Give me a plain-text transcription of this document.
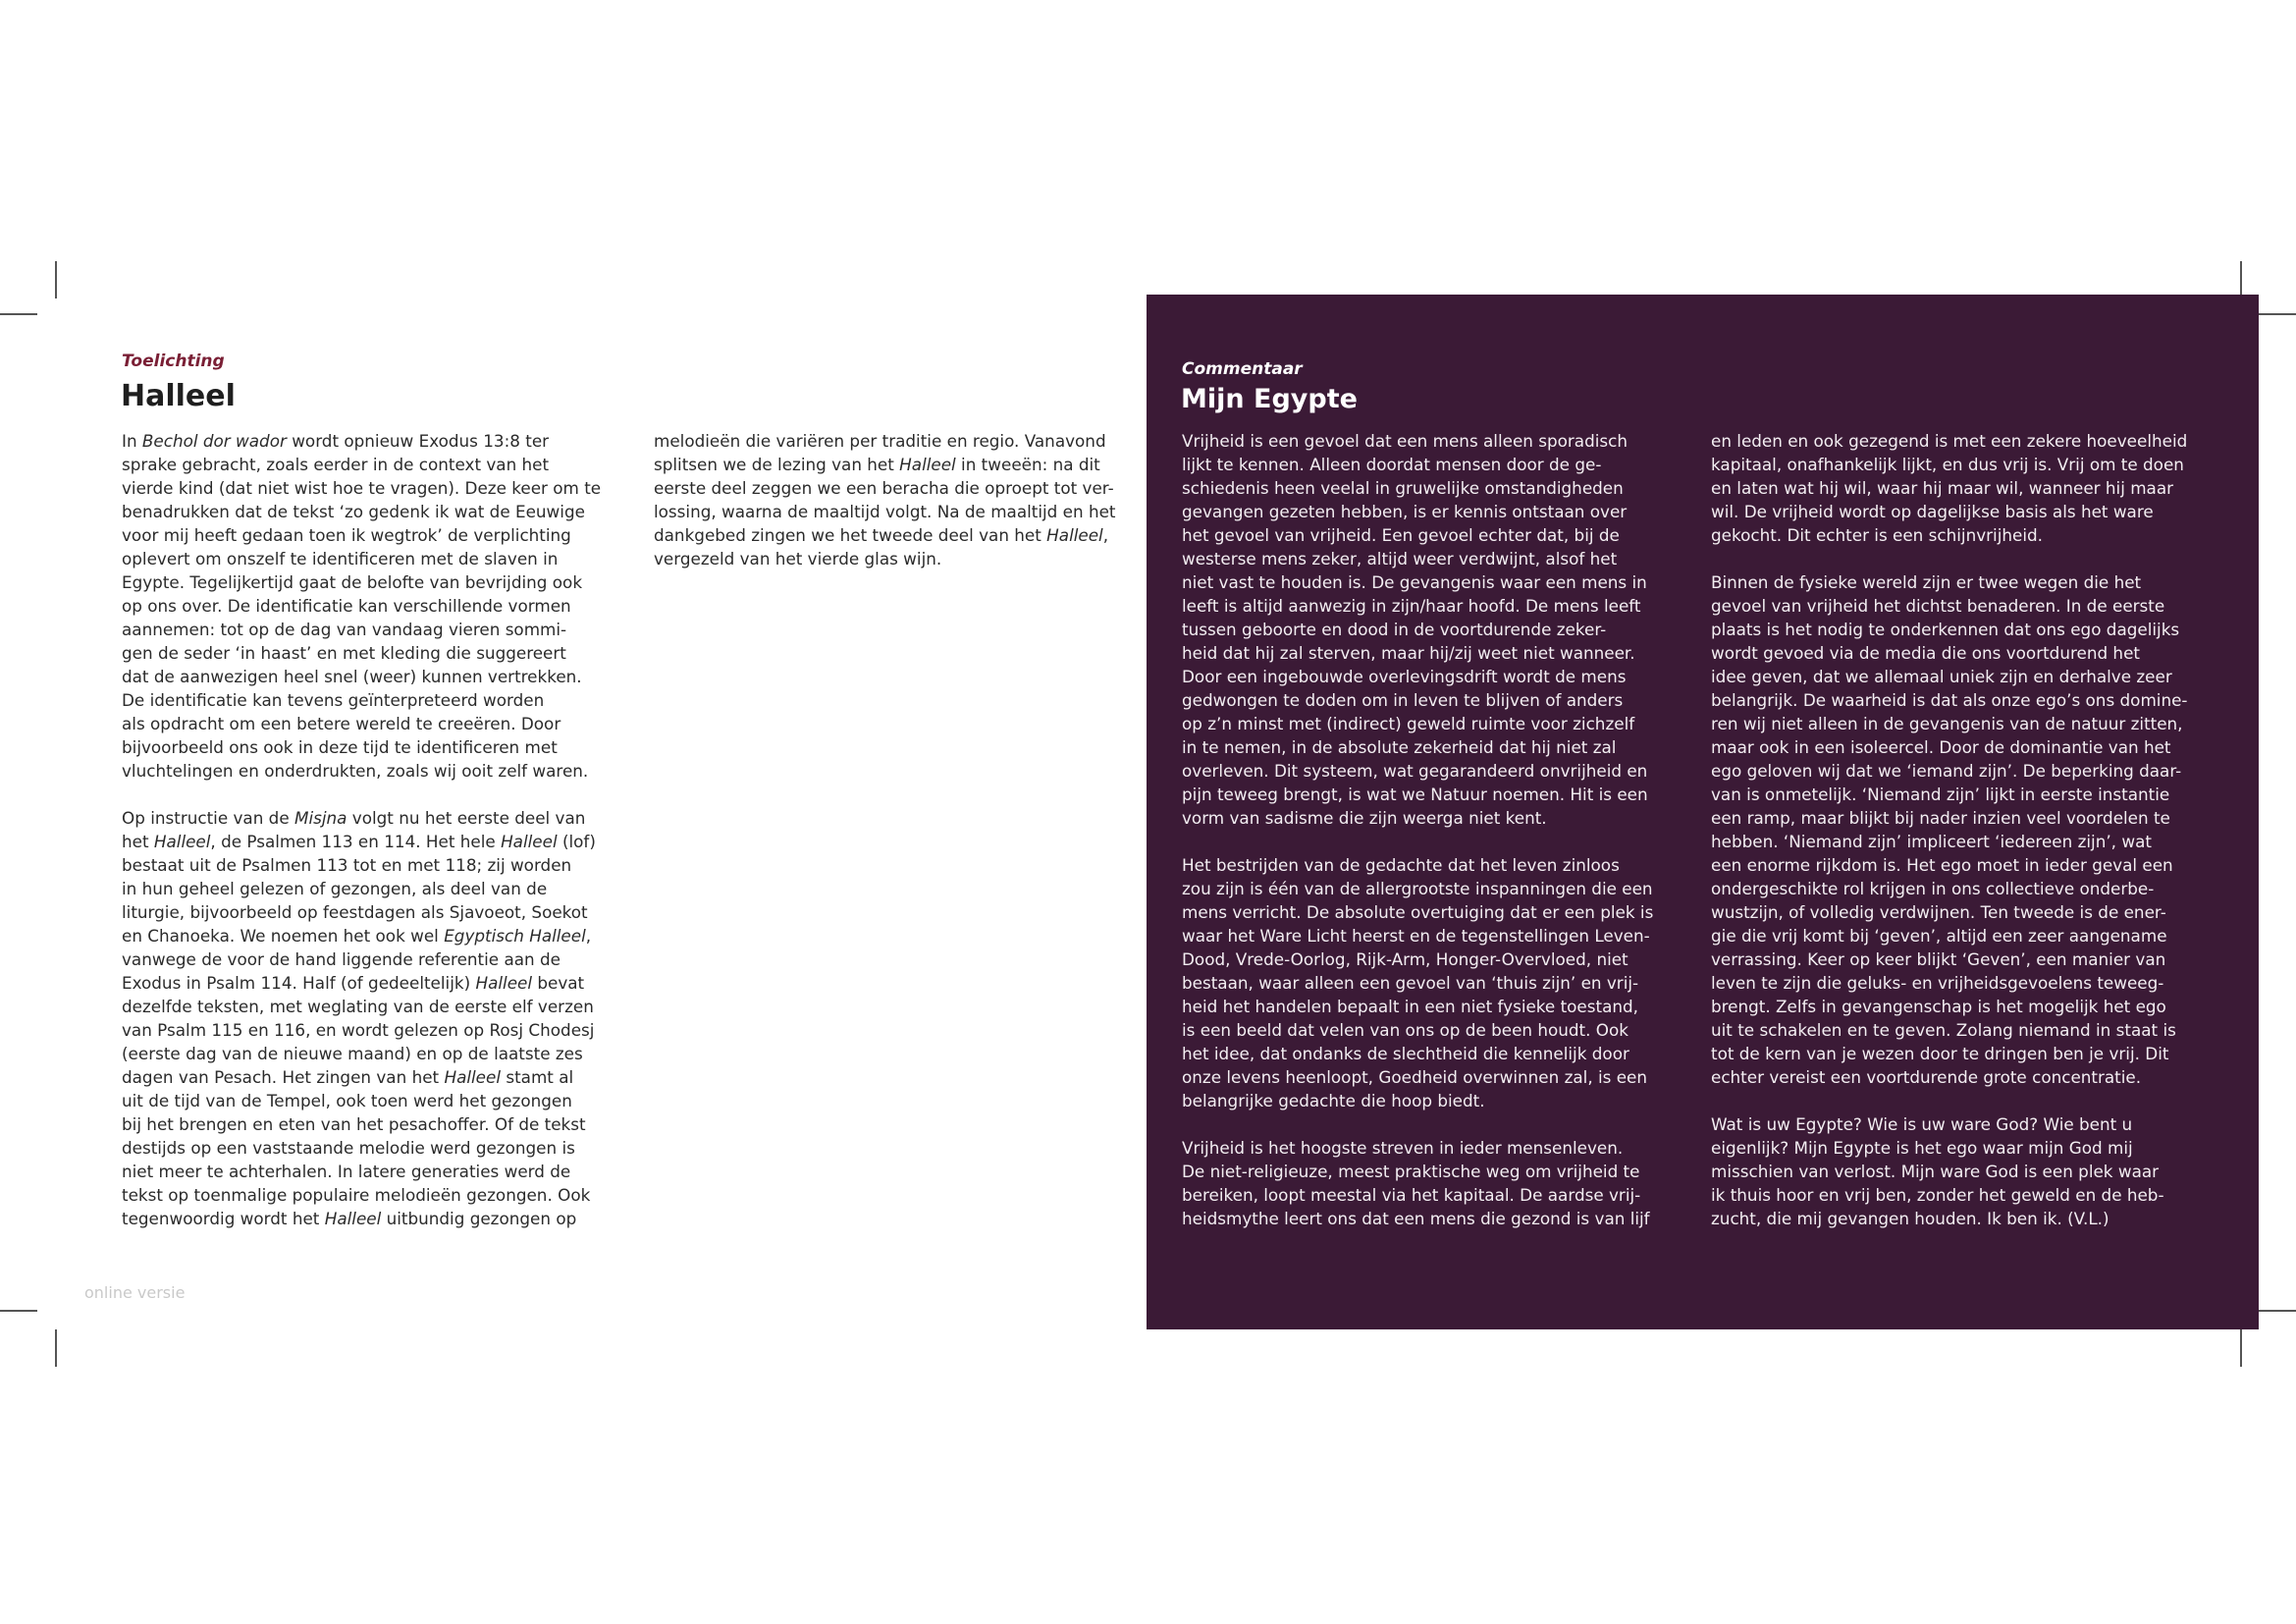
Toelichting
Halleel

In Bechol dor wador wordt opnieuw Exodus 13:8 ter
sprake gebracht, zoals eerder in de context van het
vierde kind (dat niet wist hoe te vragen). Deze keer om te
benadrukken dat de tekst ‘zo gedenk ik wat de Eeuwige
voor mij heeft gedaan toen ik wegtrok’ de verplichting
oplevert om onszelf te identificeren met de slaven in
Egypte. Tegelijkertijd gaat de belofte van bevrijding ook
op ons over. De identificatie kan verschillende vormen
aannemen: tot op de dag van vandaag vieren sommi-
gen de seder ‘in haast’ en met kleding die suggereert
dat de aanwezigen heel snel (weer) kunnen vertrekken.
De identificatie kan tevens geïnterpreteerd worden
als opdracht om een betere wereld te creeëren. Door
bijvoorbeeld ons ook in deze tijd te identificeren met
vluchtelingen en onderdrukten, zoals wij ooit zelf waren.

Op instructie van de Misjna volgt nu het eerste deel van
het Halleel, de Psalmen 113 en 114. Het hele Halleel (lof)
bestaat uit de Psalmen 113 tot en met 118; zij worden
in hun geheel gelezen of gezongen, als deel van de
liturgie, bijvoorbeeld op feestdagen als Sjavoeot, Soekot
en Chanoeka. We noemen het ook wel Egyptisch Halleel,
vanwege de voor de hand liggende referentie aan de
Exodus in Psalm 114. Half (of gedeeltelijk) Halleel bevat
dezelfde teksten, met weglating van de eerste elf verzen
van Psalm 115 en 116, en wordt gelezen op Rosj Chodesj
(eerste dag van de nieuwe maand) en op de laatste zes
dagen van Pesach. Het zingen van het Halleel stamt al
uit de tijd van de Tempel, ook toen werd het gezongen
bij het brengen en eten van het pesachoffer. Of de tekst
destijds op een vaststaande melodie werd gezongen is
niet meer te achterhalen. In latere generaties werd de
tekst op toenmalige populaire melodieën gezongen. Ook
tegenwoordig wordt het Halleel uitbundig gezongen op

melodieën die variëren per traditie en regio. Vanavond
splitsen we de lezing van het Halleel in tweeën: na dit
eerste deel zeggen we een beracha die oproept tot ver-
lossing, waarna de maaltijd volgt. Na de maaltijd en het
dankgebed zingen we het tweede deel van het Halleel,
vergezeld van het vierde glas wijn.

Commentaar
Mijn Egypte

Vrijheid is een gevoel dat een mens alleen sporadisch
lijkt te kennen. Alleen doordat mensen door de ge-
schiedenis heen veelal in gruwelijke omstandigheden
gevangen gezeten hebben, is er kennis ontstaan over
het gevoel van vrijheid. Een gevoel echter dat, bij de
westerse mens zeker, altijd weer verdwijnt, alsof het
niet vast te houden is. De gevangenis waar een mens in
leeft is altijd aanwezig in zijn/haar hoofd. De mens leeft
tussen geboorte en dood in de voortdurende zeker-
heid dat hij zal sterven, maar hij/zij weet niet wanneer.
Door een ingebouwde overlevingsdrift wordt de mens
gedwongen te doden om in leven te blijven of anders
op z’n minst met (indirect) geweld ruimte voor zichzelf
in te nemen, in de absolute zekerheid dat hij niet zal
overleven. Dit systeem, wat gegarandeerd onvrijheid en
pijn teweeg brengt, is wat we Natuur noemen. Hit is een
vorm van sadisme die zijn weerga niet kent.

Het bestrijden van de gedachte dat het leven zinloos
zou zijn is één van de allergrootste inspanningen die een
mens verricht. De absolute overtuiging dat er een plek is
waar het Ware Licht heerst en de tegenstellingen Leven-
Dood, Vrede-Oorlog, Rijk-Arm, Honger-Overvloed, niet
bestaan, waar alleen een gevoel van ‘thuis zijn’ en vrij-
heid het handelen bepaalt in een niet fysieke toestand,
is een beeld dat velen van ons op de been houdt. Ook
het idee, dat ondanks de slechtheid die kennelijk door
onze levens heenloopt, Goedheid overwinnen zal, is een
belangrijke gedachte die hoop biedt.

Vrijheid is het hoogste streven in ieder mensenleven.
De niet-religieuze, meest praktische weg om vrijheid te
bereiken, loopt meestal via het kapitaal. De aardse vrij-
heidsmythe leert ons dat een mens die gezond is van lijf

en leden en ook gezegend is met een zekere hoeveelheid
kapitaal, onafhankelijk lijkt, en dus vrij is. Vrij om te doen
en laten wat hij wil, waar hij maar wil, wanneer hij maar
wil. De vrijheid wordt op dagelijkse basis als het ware
gekocht. Dit echter is een schijnvrijheid.

Binnen de fysieke wereld zijn er twee wegen die het
gevoel van vrijheid het dichtst benaderen. In de eerste
plaats is het nodig te onderkennen dat ons ego dagelijks
wordt gevoed via de media die ons voortdurend het
idee geven, dat we allemaal uniek zijn en derhalve zeer
belangrijk. De waarheid is dat als onze ego’s ons domine-
ren wij niet alleen in de gevangenis van de natuur zitten,
maar ook in een isoleercel. Door de dominantie van het
ego geloven wij dat we ‘iemand zijn’. De beperking daar-
van is onmetelijk. ‘Niemand zijn’ lijkt in eerste instantie
een ramp, maar blijkt bij nader inzien veel voordelen te
hebben. ‘Niemand zijn’ impliceert ‘iedereen zijn’, wat
een enorme rijkdom is. Het ego moet in ieder geval een
ondergeschikte rol krijgen in ons collectieve onderbe-
wustzijn, of volledig verdwijnen. Ten tweede is de ener-
gie die vrij komt bij ‘geven’, altijd een zeer aangename
verrassing. Keer op keer blijkt ‘Geven’, een manier van
leven te zijn die geluks- en vrijheidsgevoelens teweeg-
brengt. Zelfs in gevangenschap is het mogelijk het ego
uit te schakelen en te geven. Zolang niemand in staat is
tot de kern van je wezen door te dringen ben je vrij. Dit
echter vereist een voortdurende grote concentratie.

Wat is uw Egypte? Wie is uw ware God? Wie bent u
eigenlijk? Mijn Egypte is het ego waar mijn God mij
misschien van verlost. Mijn ware God is een plek waar
ik thuis hoor en vrij ben, zonder het geweld en de heb-
zucht, die mij gevangen houden. Ik ben ik. (V.L.)

online versie
